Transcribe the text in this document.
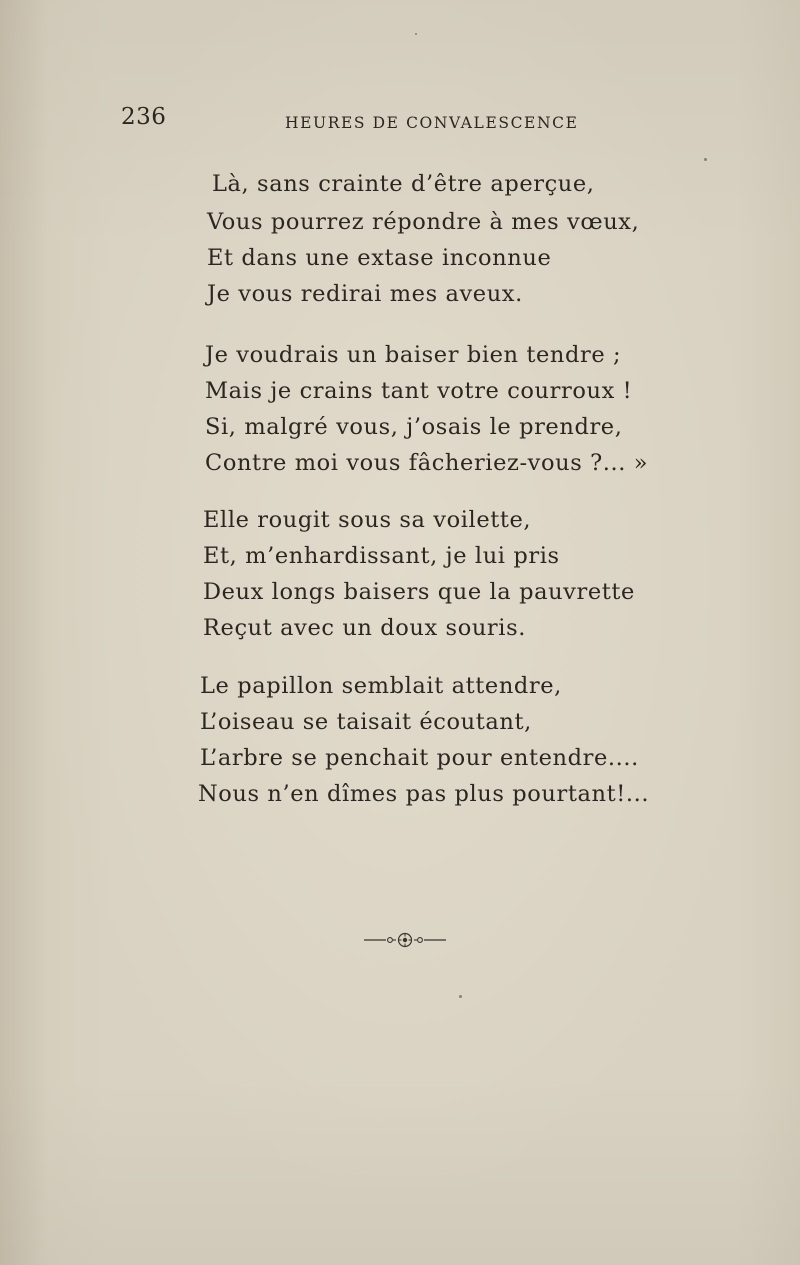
236	HEURES DE CONVALESCENCE
Là, sans crainte d’être aperçue,
Vous pourrez répondre à mes vœux,
Et dans une extase inconnue
Je vous redirai mes aveux.
Je voudrais un baiser bien tendre ;
Mais je crains tant votre courroux !
Si, malgré vous, j’osais le prendre,
Contre moi vous fâcheriez-vous ?... »
Elle rougit sous sa voilette,
Et, m’enhardissant, je lui pris
Deux longs baisers que la pauvrette
Reçut avec un doux souris.
Le papillon semblait attendre,
L’oiseau se taisait écoutant,
L’arbre se penchait pour entendre....
Nous n’en dîmes pas plus pourtant!...
